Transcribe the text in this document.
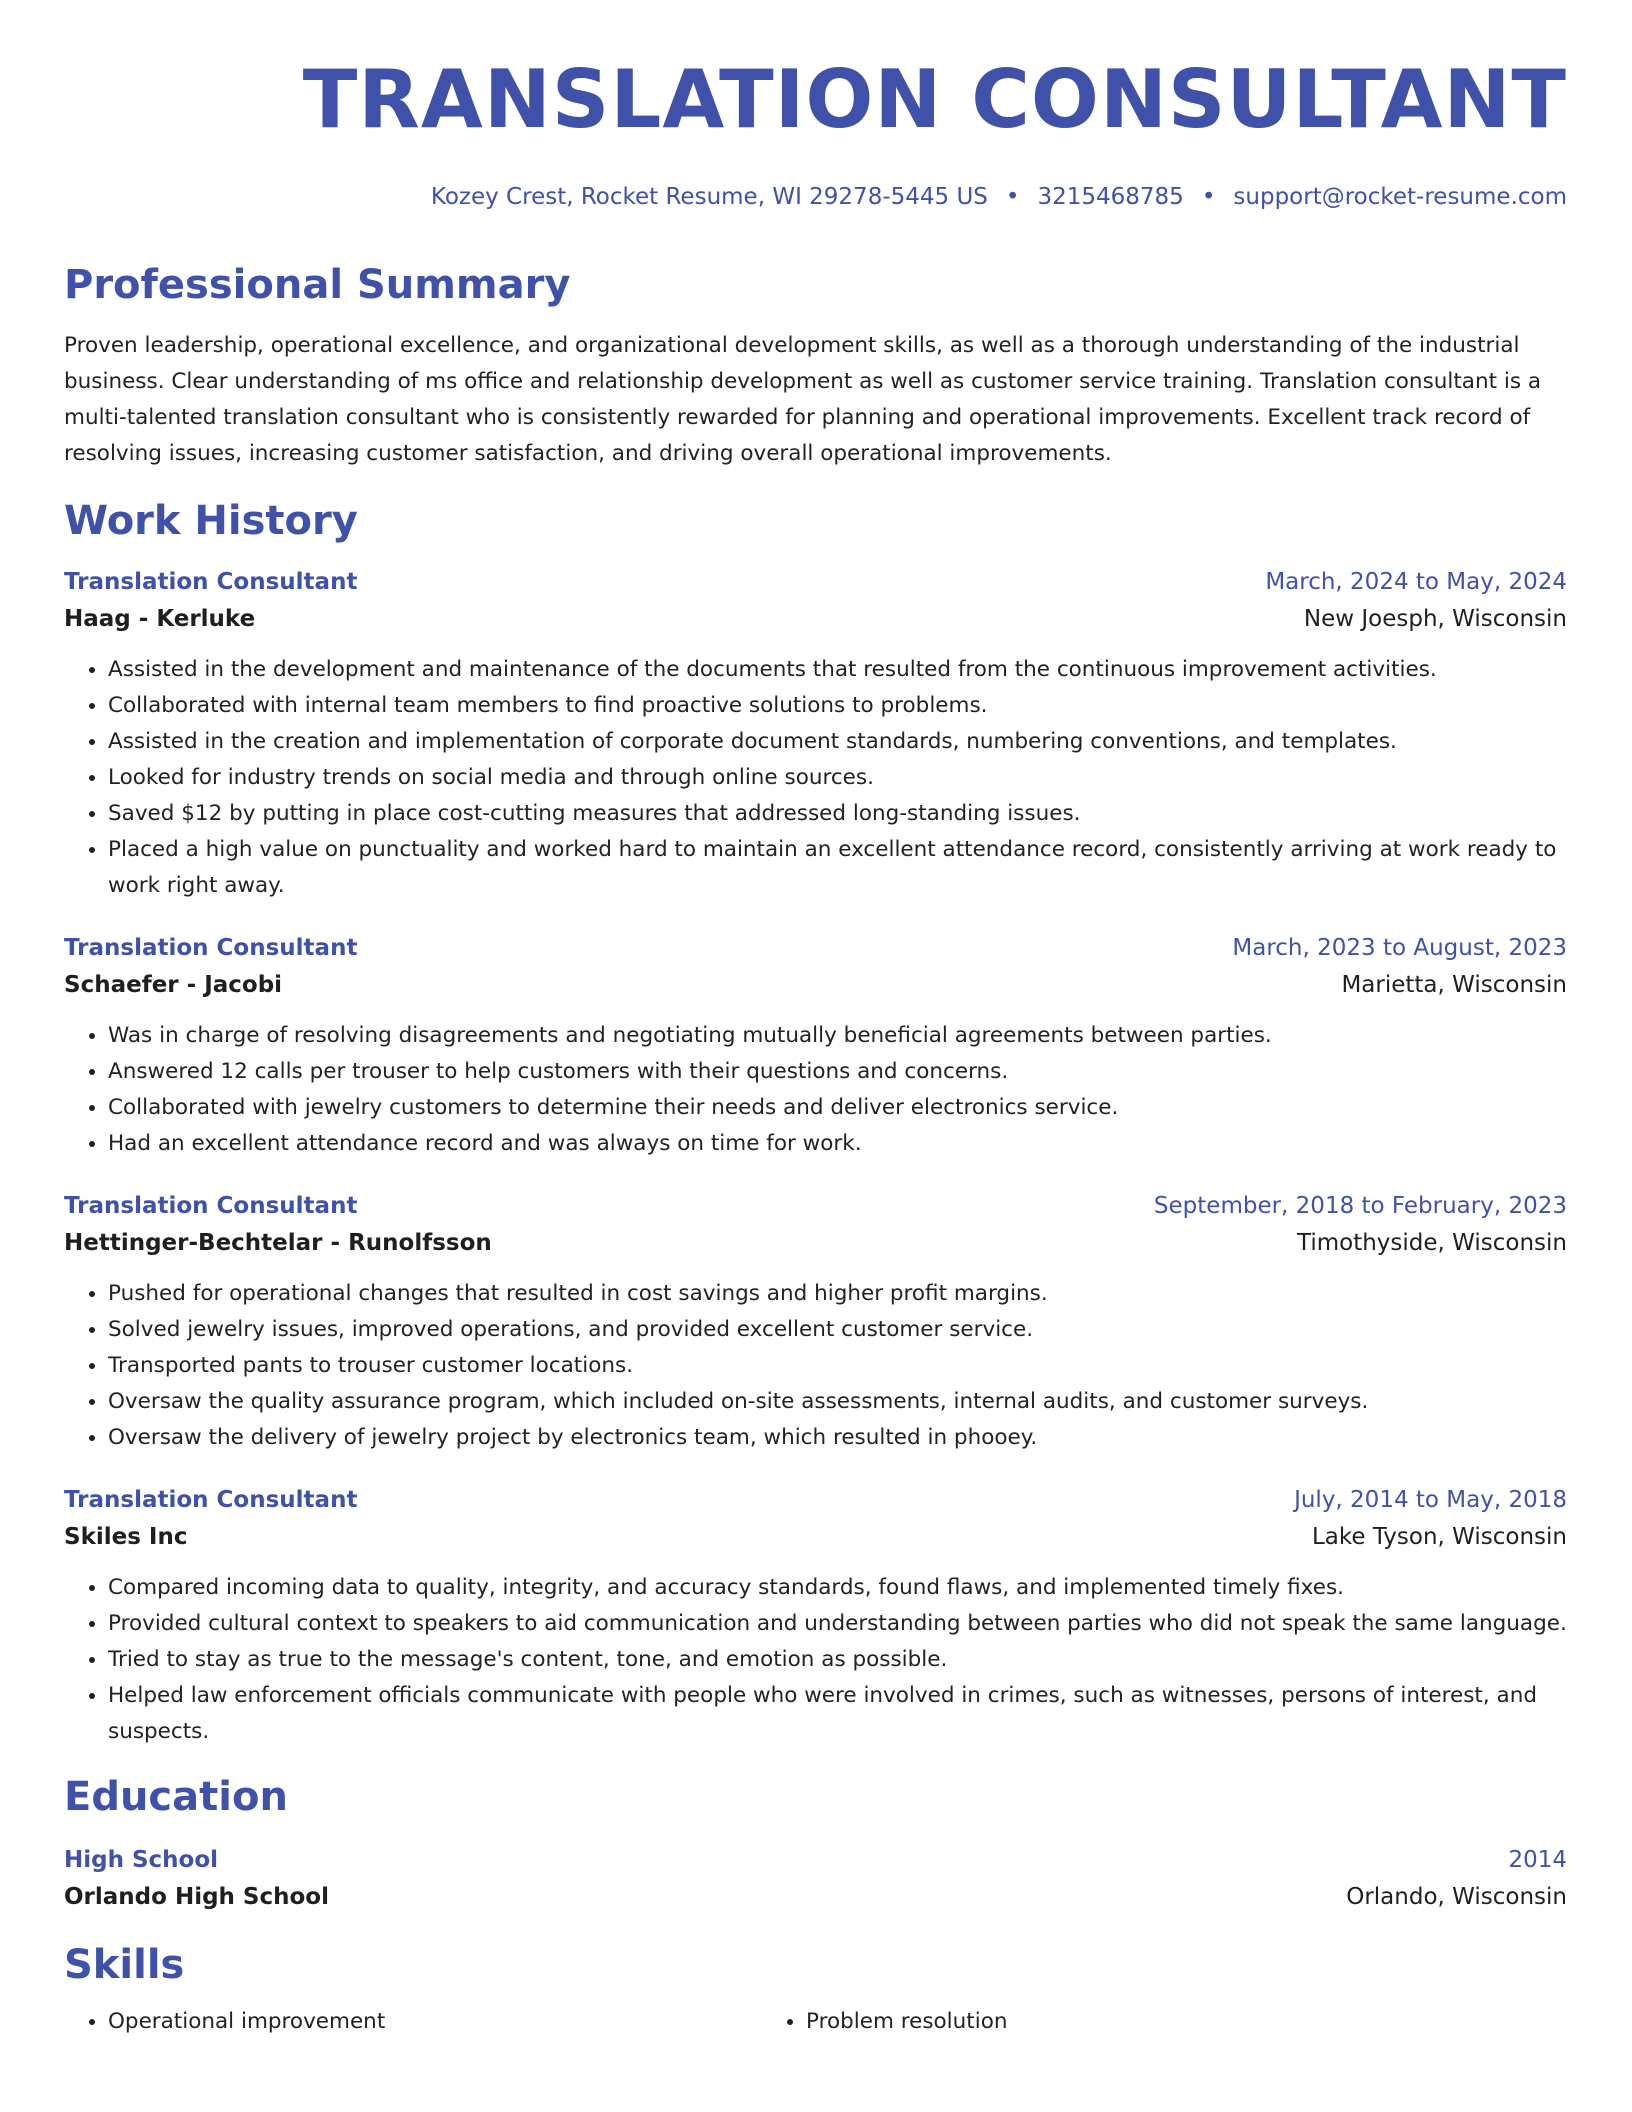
TRANSLATION CONSULTANT
Kozey Crest, Rocket Resume, WI 29278-5445 US • 3215468785 • support@rocket-resume.com
Professional Summary
Proven leadership, operational excellence, and organizational development skills, as well as a thorough understanding of the industrial business. Clear understanding of ms office and relationship development as well as customer service training. Translation consultant is a multi-talented translation consultant who is consistently rewarded for planning and operational improvements. Excellent track record of resolving issues, increasing customer satisfaction, and driving overall operational improvements.
Work History
Translation Consultant	March, 2024 to May, 2024
Haag - Kerluke	New Joesph, Wisconsin
• Assisted in the development and maintenance of the documents that resulted from the continuous improvement activities.
• Collaborated with internal team members to find proactive solutions to problems.
• Assisted in the creation and implementation of corporate document standards, numbering conventions, and templates.
• Looked for industry trends on social media and through online sources.
• Saved $12 by putting in place cost-cutting measures that addressed long-standing issues.
• Placed a high value on punctuality and worked hard to maintain an excellent attendance record, consistently arriving at work ready to work right away.
Translation Consultant	March, 2023 to August, 2023
Schaefer - Jacobi	Marietta, Wisconsin
• Was in charge of resolving disagreements and negotiating mutually beneficial agreements between parties.
• Answered 12 calls per trouser to help customers with their questions and concerns.
• Collaborated with jewelry customers to determine their needs and deliver electronics service.
• Had an excellent attendance record and was always on time for work.
Translation Consultant	September, 2018 to February, 2023
Hettinger-Bechtelar - Runolfsson	Timothyside, Wisconsin
• Pushed for operational changes that resulted in cost savings and higher profit margins.
• Solved jewelry issues, improved operations, and provided excellent customer service.
• Transported pants to trouser customer locations.
• Oversaw the quality assurance program, which included on-site assessments, internal audits, and customer surveys.
• Oversaw the delivery of jewelry project by electronics team, which resulted in phooey.
Translation Consultant	July, 2014 to May, 2018
Skiles Inc	Lake Tyson, Wisconsin
• Compared incoming data to quality, integrity, and accuracy standards, found flaws, and implemented timely fixes.
• Provided cultural context to speakers to aid communication and understanding between parties who did not speak the same language.
• Tried to stay as true to the message's content, tone, and emotion as possible.
• Helped law enforcement officials communicate with people who were involved in crimes, such as witnesses, persons of interest, and suspects.
Education
High School	2014
Orlando High School	Orlando, Wisconsin
Skills
• Operational improvement
•	Problem resolution
